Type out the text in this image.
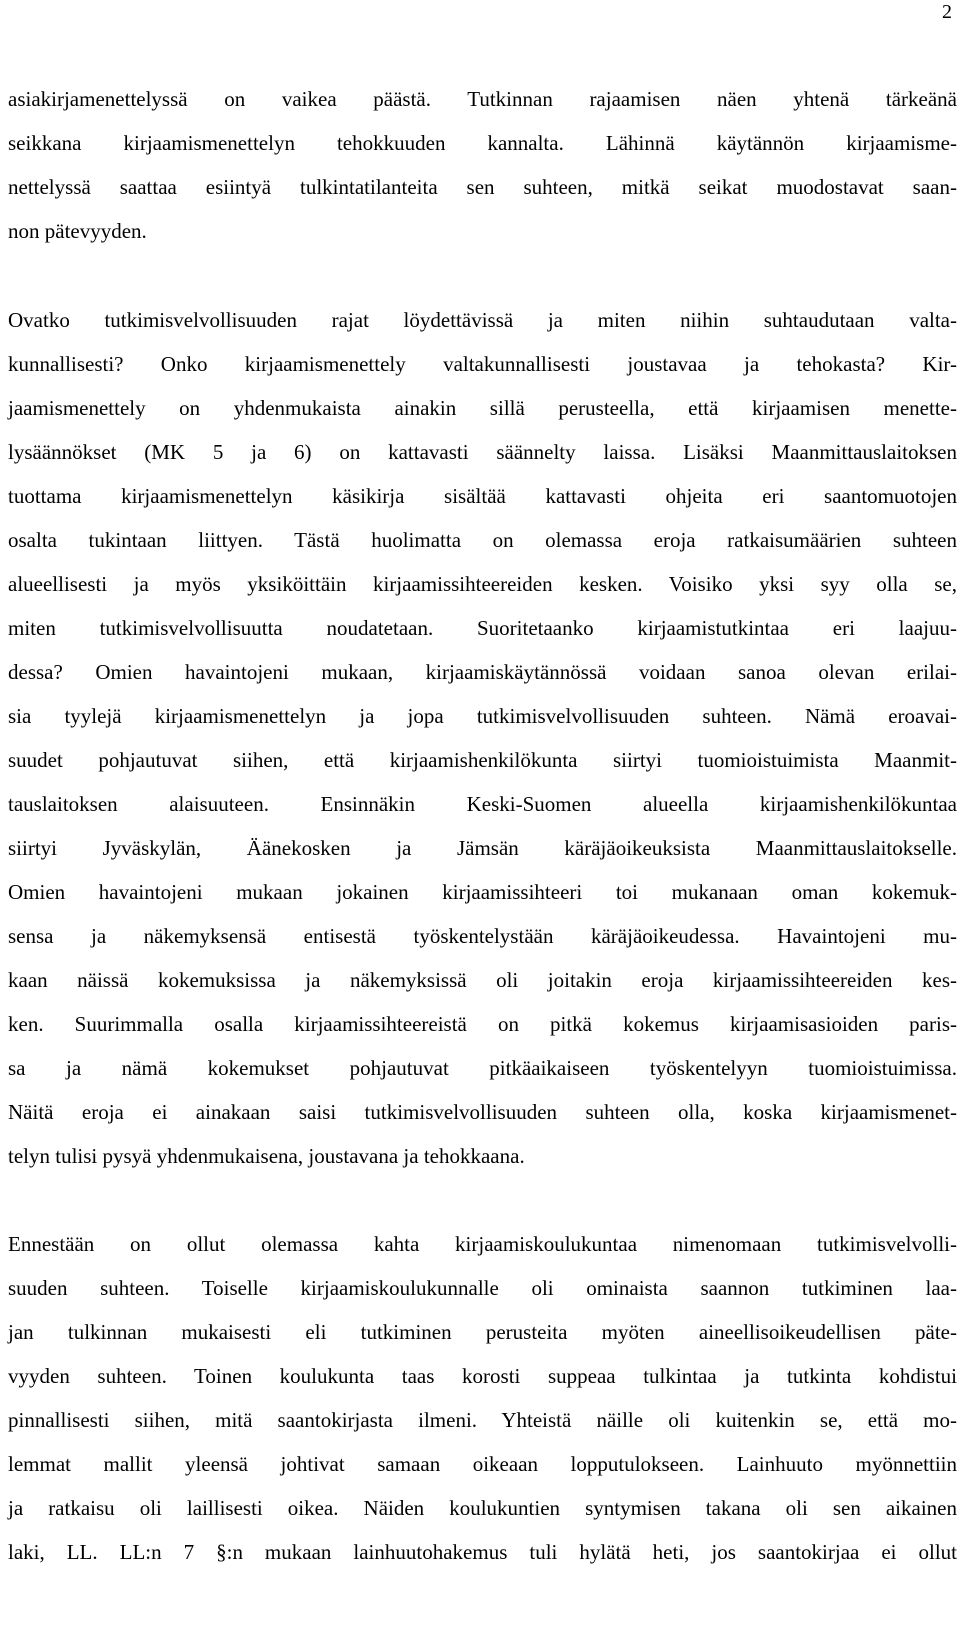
2
asiakirjamenettelyssä on vaikea päästä. Tutkinnan rajaamisen näen yhtenä tärkeänä
seikkana kirjaamismenettelyn tehokkuuden kannalta. Lähinnä käytännön kirjaamisme-
nettelyssä saattaa esiintyä tulkintatilanteita sen suhteen, mitkä seikat muodostavat saan-
non pätevyyden.
Ovatko tutkimisvelvollisuuden rajat löydettävissä ja miten niihin suhtaudutaan valta-
kunnallisesti? Onko kirjaamismenettely valtakunnallisesti joustavaa ja tehokasta? Kir-
jaamismenettely on yhdenmukaista ainakin sillä perusteella, että kirjaamisen menette-
lysäännökset (MK 5 ja 6) on kattavasti säännelty laissa. Lisäksi Maanmittauslaitoksen
tuottama kirjaamismenettelyn käsikirja sisältää kattavasti ohjeita eri saantomuotojen
osalta tukintaan liittyen. Tästä huolimatta on olemassa eroja ratkaisumäärien suhteen
alueellisesti ja myös yksiköittäin kirjaamissihteereiden kesken. Voisiko yksi syy olla se,
miten tutkimisvelvollisuutta noudatetaan. Suoritetaanko kirjaamistutkintaa eri laajuu-
dessa? Omien havaintojeni mukaan, kirjaamiskäytännössä voidaan sanoa olevan erilai-
sia tyylejä kirjaamismenettelyn ja jopa tutkimisvelvollisuuden suhteen. Nämä eroavai-
suudet pohjautuvat siihen, että kirjaamishenkilökunta siirtyi tuomioistuimista Maanmit-
tauslaitoksen alaisuuteen. Ensinnäkin Keski-Suomen alueella kirjaamishenkilökuntaa
siirtyi Jyväskylän, Äänekosken ja Jämsän käräjäoikeuksista Maanmittauslaitokselle.
Omien havaintojeni mukaan jokainen kirjaamissihteeri toi mukanaan oman kokemuk-
sensa ja näkemyksensä entisestä työskentelystään käräjäoikeudessa. Havaintojeni mu-
kaan näissä kokemuksissa ja näkemyksissä oli joitakin eroja kirjaamissihteereiden kes-
ken. Suurimmalla osalla kirjaamissihteereistä on pitkä kokemus kirjaamisasioiden paris-
sa ja nämä kokemukset pohjautuvat pitkäaikaiseen työskentelyyn tuomioistuimissa.
Näitä eroja ei ainakaan saisi tutkimisvelvollisuuden suhteen olla, koska kirjaamismenet-
telyn tulisi pysyä yhdenmukaisena, joustavana ja tehokkaana.
Ennestään on ollut olemassa kahta kirjaamiskoulukuntaa nimenomaan tutkimisvelvolli-
suuden suhteen. Toiselle kirjaamiskoulukunnalle oli ominaista saannon tutkiminen laa-
jan tulkinnan mukaisesti eli tutkiminen perusteita myöten aineellisoikeudellisen päte-
vyyden suhteen. Toinen koulukunta taas korosti suppeaa tulkintaa ja tutkinta kohdistui
pinnallisesti siihen, mitä saantokirjasta ilmeni. Yhteistä näille oli kuitenkin se, että mo-
lemmat mallit yleensä johtivat samaan oikeaan lopputulokseen. Lainhuuto myönnettiin
ja ratkaisu oli laillisesti oikea. Näiden koulukuntien syntymisen takana oli sen aikainen
laki, LL. LL:n 7 §:n mukaan lainhuutohakemus tuli hylätä heti, jos saantokirjaa ei ollut
